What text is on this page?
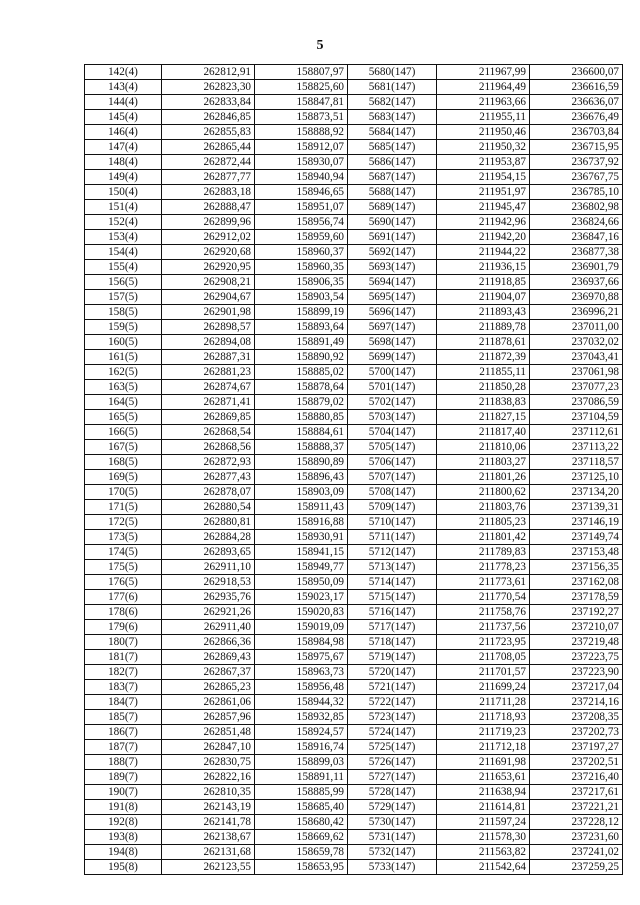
5
142(4)	262812,91	158807,97	5680(147)	211967,99	236600,07
143(4)	262823,30	158825,60	5681(147)	211964,49	236616,59
144(4)	262833,84	158847,81	5682(147)	211963,66	236636,07
145(4)	262846,85	158873,51	5683(147)	211955,11	236676,49
146(4)	262855,83	158888,92	5684(147)	211950,46	236703,84
147(4)	262865,44	158912,07	5685(147)	211950,32	236715,95
148(4)	262872,44	158930,07	5686(147)	211953,87	236737,92
149(4)	262877,77	158940,94	5687(147)	211954,15	236767,75
150(4)	262883,18	158946,65	5688(147)	211951,97	236785,10
151(4)	262888,47	158951,07	5689(147)	211945,47	236802,98
152(4)	262899,96	158956,74	5690(147)	211942,96	236824,66
153(4)	262912,02	158959,60	5691(147)	211942,20	236847,16
154(4)	262920,68	158960,37	5692(147)	211944,22	236877,38
155(4)	262920,95	158960,35	5693(147)	211936,15	236901,79
156(5)	262908,21	158906,35	5694(147)	211918,85	236937,66
157(5)	262904,67	158903,54	5695(147)	211904,07	236970,88
158(5)	262901,98	158899,19	5696(147)	211893,43	236996,21
159(5)	262898,57	158893,64	5697(147)	211889,78	237011,00
160(5)	262894,08	158891,49	5698(147)	211878,61	237032,02
161(5)	262887,31	158890,92	5699(147)	211872,39	237043,41
162(5)	262881,23	158885,02	5700(147)	211855,11	237061,98
163(5)	262874,67	158878,64	5701(147)	211850,28	237077,23
164(5)	262871,41	158879,02	5702(147)	211838,83	237086,59
165(5)	262869,85	158880,85	5703(147)	211827,15	237104,59
166(5)	262868,54	158884,61	5704(147)	211817,40	237112,61
167(5)	262868,56	158888,37	5705(147)	211810,06	237113,22
168(5)	262872,93	158890,89	5706(147)	211803,27	237118,57
169(5)	262877,43	158896,43	5707(147)	211801,26	237125,10
170(5)	262878,07	158903,09	5708(147)	211800,62	237134,20
171(5)	262880,54	158911,43	5709(147)	211803,76	237139,31
172(5)	262880,81	158916,88	5710(147)	211805,23	237146,19
173(5)	262884,28	158930,91	5711(147)	211801,42	237149,74
174(5)	262893,65	158941,15	5712(147)	211789,83	237153,48
175(5)	262911,10	158949,77	5713(147)	211778,23	237156,35
176(5)	262918,53	158950,09	5714(147)	211773,61	237162,08
177(6)	262935,76	159023,17	5715(147)	211770,54	237178,59
178(6)	262921,26	159020,83	5716(147)	211758,76	237192,27
179(6)	262911,40	159019,09	5717(147)	211737,56	237210,07
180(7)	262866,36	158984,98	5718(147)	211723,95	237219,48
181(7)	262869,43	158975,67	5719(147)	211708,05	237223,75
182(7)	262867,37	158963,73	5720(147)	211701,57	237223,90
183(7)	262865,23	158956,48	5721(147)	211699,24	237217,04
184(7)	262861,06	158944,32	5722(147)	211711,28	237214,16
185(7)	262857,96	158932,85	5723(147)	211718,93	237208,35
186(7)	262851,48	158924,57	5724(147)	211719,23	237202,73
187(7)	262847,10	158916,74	5725(147)	211712,18	237197,27
188(7)	262830,75	158899,03	5726(147)	211691,98	237202,51
189(7)	262822,16	158891,11	5727(147)	211653,61	237216,40
190(7)	262810,35	158885,99	5728(147)	211638,94	237217,61
191(8)	262143,19	158685,40	5729(147)	211614,81	237221,21
192(8)	262141,78	158680,42	5730(147)	211597,24	237228,12
193(8)	262138,67	158669,62	5731(147)	211578,30	237231,60
194(8)	262131,68	158659,78	5732(147)	211563,82	237241,02
195(8)	262123,55	158653,95	5733(147)	211542,64	237259,25
